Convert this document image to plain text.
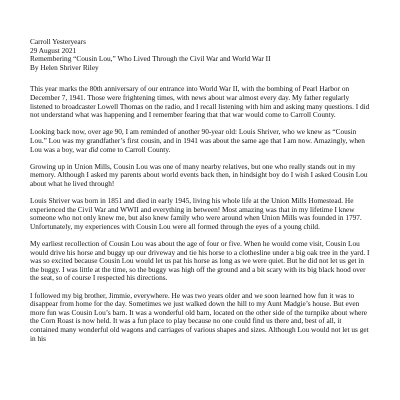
Carroll Yesteryears
29 August 2021
Remembering “Cousin Lou,” Who Lived Through the Civil War and World War II
By Helen Shriver Riley

This year marks the 80th anniversary of our entrance into World War II, with the bombing of Pearl Harbor on December 7, 1941. Those were frightening times, with news about war almost every day. My father regularly listened to broadcaster Lowell Thomas on the radio, and I recall listening with him and asking many questions. I did not understand what was happening and I remember fearing that that war would come to Carroll County.

Looking back now, over age 90, I am reminded of another 90-year old: Louis Shriver, who we knew as “Cousin Lou.” Lou was my grandfather’s first cousin, and in 1941 was about the same age that I am now. Amazingly, when Lou was a boy, war did come to Carroll County.

Growing up in Union Mills, Cousin Lou was one of many nearby relatives, but one who really stands out in my memory. Although I asked my parents about world events back then, in hindsight boy do I wish I asked Cousin Lou about what he lived through!

Louis Shriver was born in 1851 and died in early 1945, living his whole life at the Union Mills Homestead. He experienced the Civil War and WWII and everything in between! Most amazing was that in my lifetime I knew someone who not only knew me, but also knew family who were around when Union Mills was founded in 1797. Unfortunately, my experiences with Cousin Lou were all formed through the eyes of a young child.

My earliest recollection of Cousin Lou was about the age of four or five. When he would come visit, Cousin Lou would drive his horse and buggy up our driveway and tie his horse to a clothesline under a big oak tree in the yard. I was so excited because Cousin Lou would let us pat his horse as long as we were quiet. But he did not let us get in the buggy. I was little at the time, so the buggy was high off the ground and a bit scary with its big black hood over the seat, so of course I respected his directions.

I followed my big brother, Jimmie, everywhere. He was two years older and we soon learned how fun it was to disappear from home for the day. Sometimes we just walked down the hill to my Aunt Madgie’s house. But even more fun was Cousin Lou’s barn. It was a wonderful old barn, located on the other side of the turnpike about where the Corn Roast is now held. It was a fun place to play because no one could find us there and, best of all, it contained many wonderful old wagons and carriages of various shapes and sizes. Although Lou would not let us get in his
